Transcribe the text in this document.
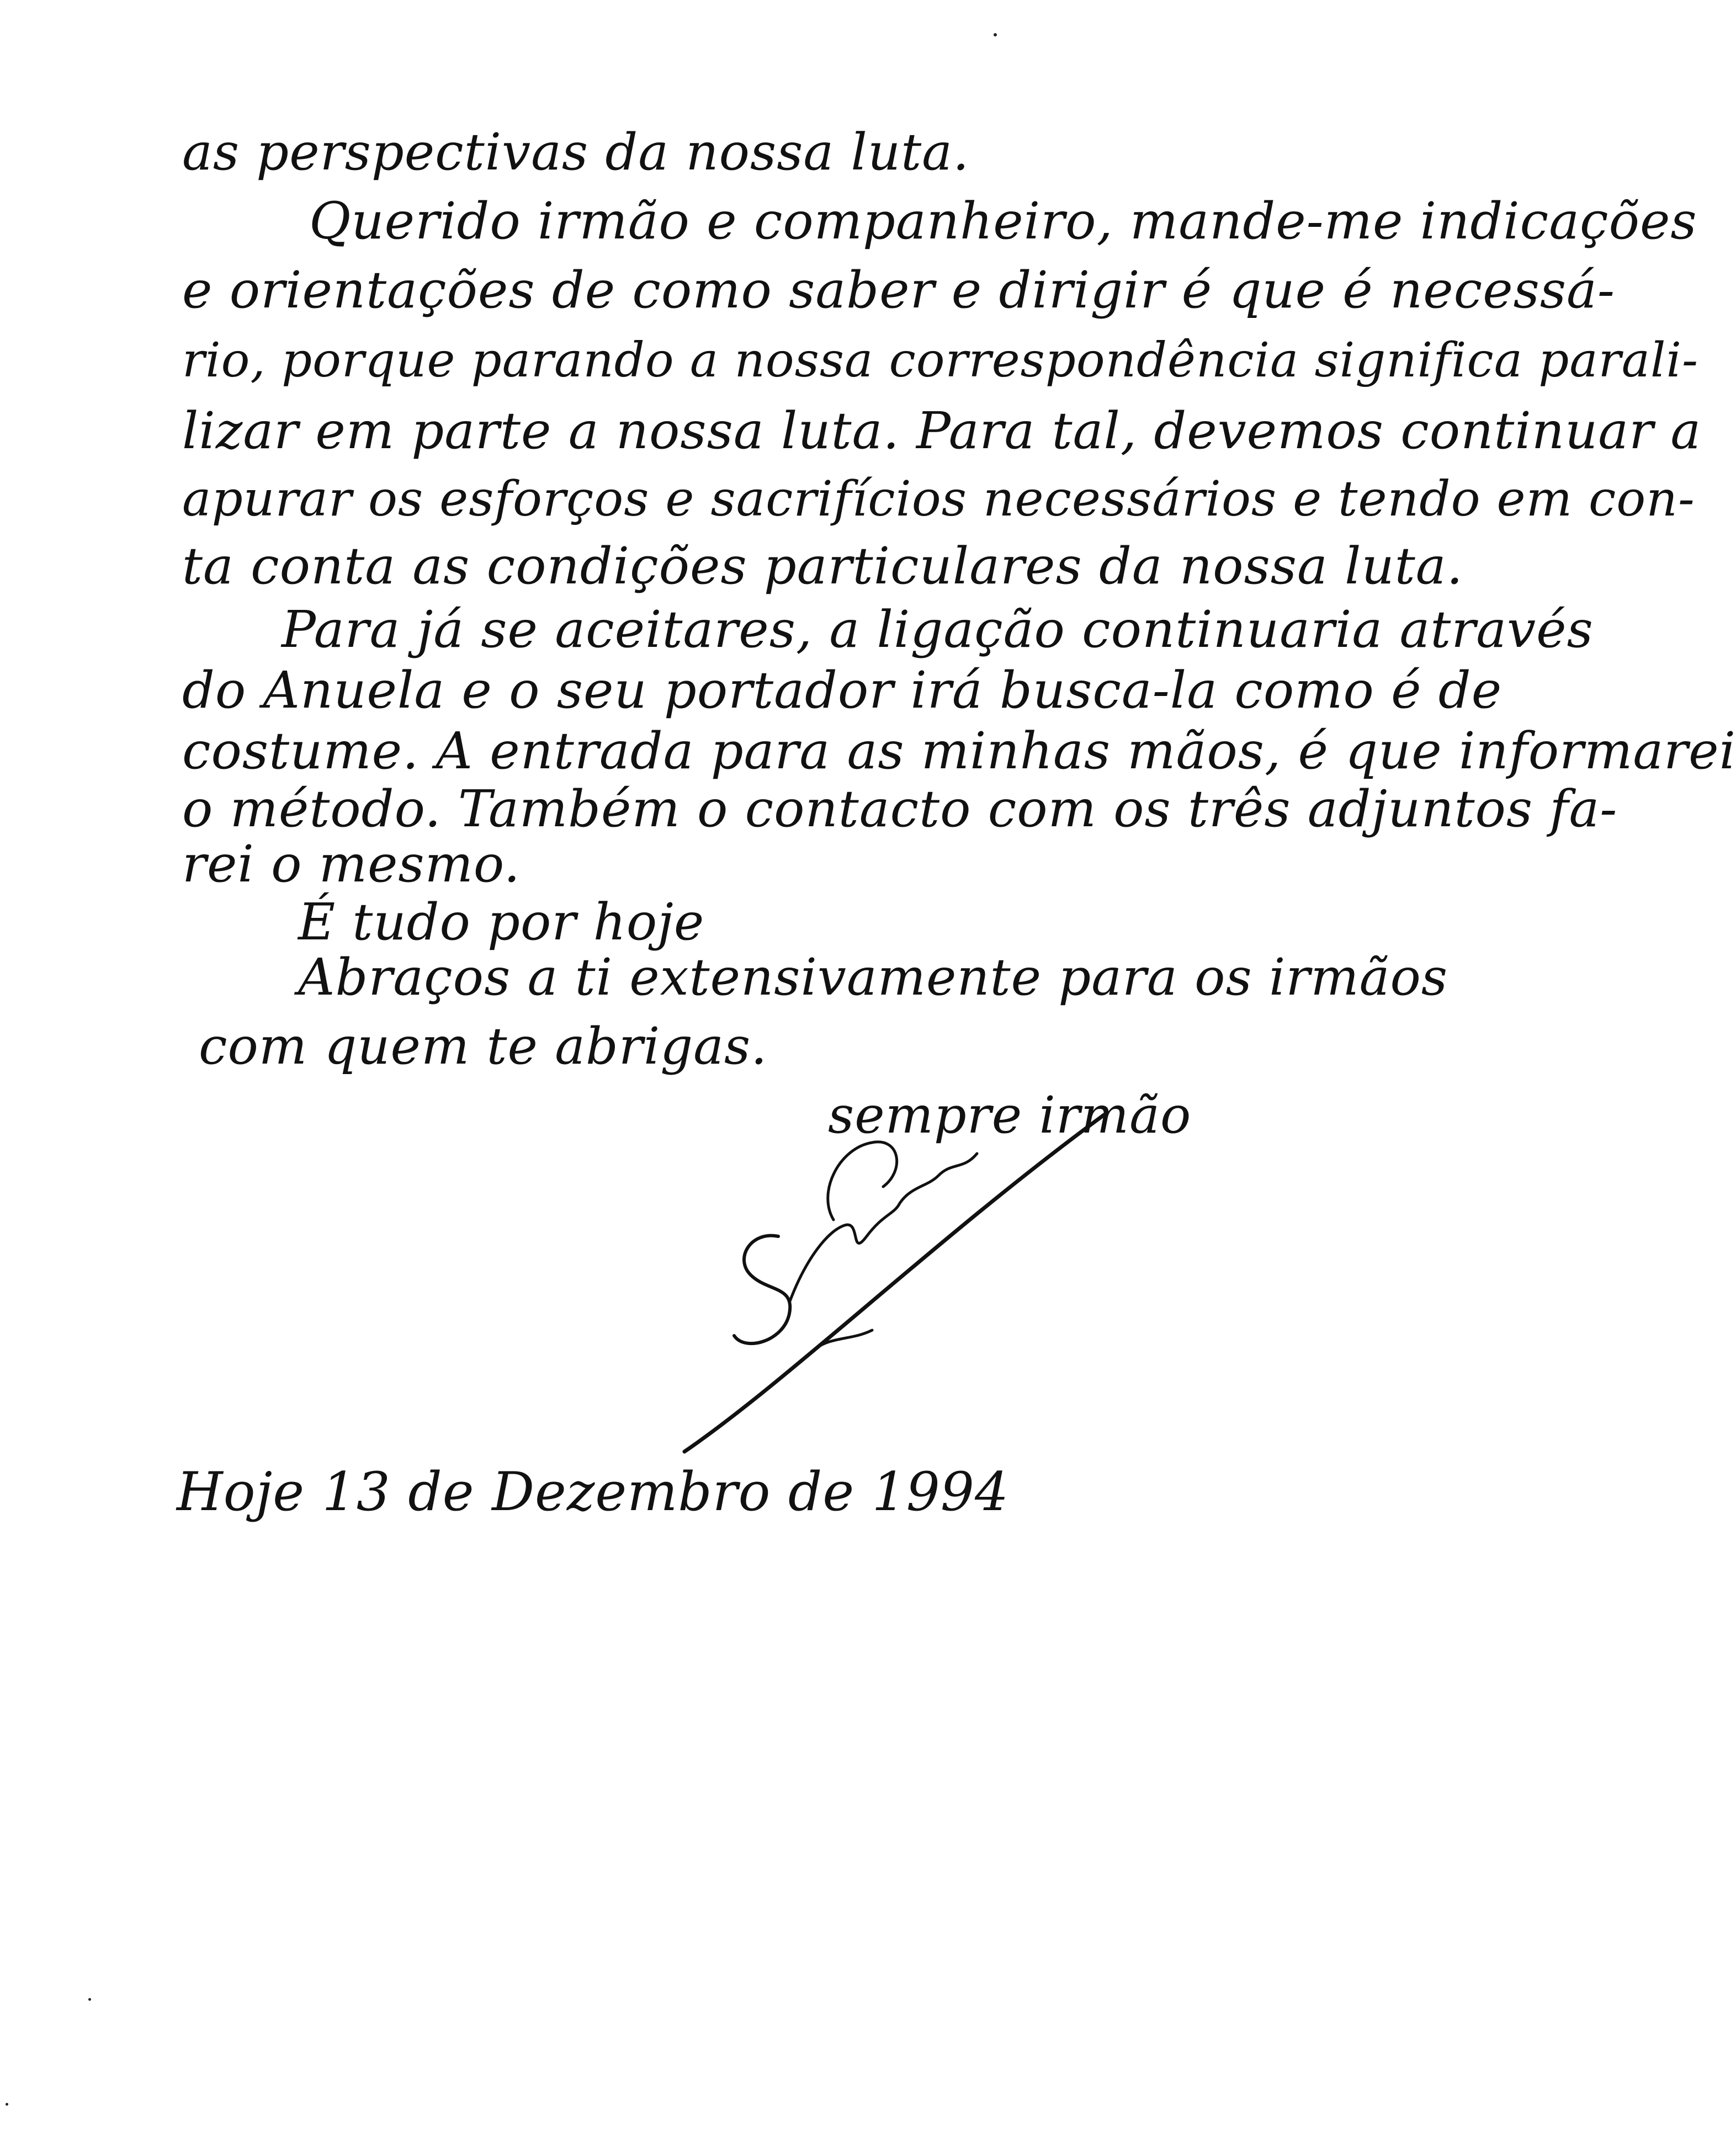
as perspectivas da nossa luta.
Querido irmão e companheiro, mande-me indicações
e orientações de como saber e dirigir é que é necessá-
rio, porque parando a nossa correspondência significa parali-
lizar em parte a nossa luta. Para tal, devemos continuar a
apurar os esforços e sacrifícios necessários e tendo em con-
ta conta as condições particulares da nossa luta.
Para já se aceitares, a ligação continuaria através
do Anuela e o seu portador irá busca-la como é de
costume. A entrada para as minhas mãos, é que informarei
o método. Também o contacto com os três adjuntos fa-
rei o mesmo.
É tudo por hoje
Abraços a ti extensivamente para os irmãos
com quem te abrigas.
sempre irmão
Hoje 13 de Dezembro de 1994
